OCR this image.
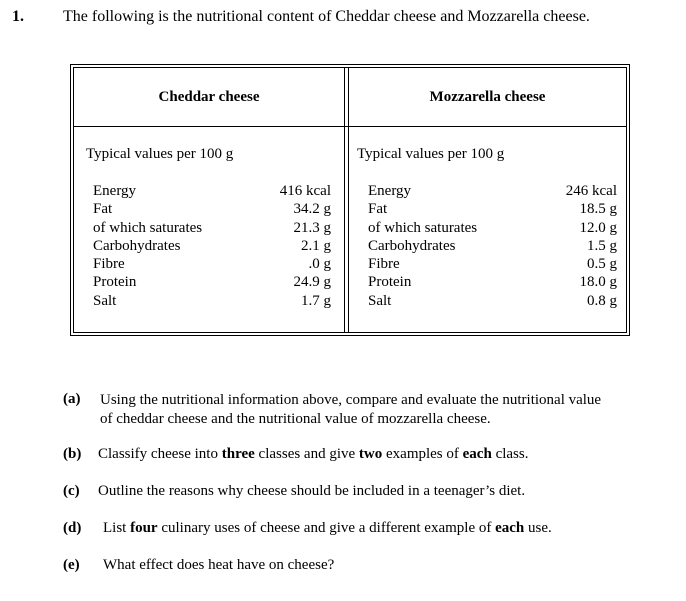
1. The following is the nutritional content of Cheddar cheese and Mozzarella cheese.
Cheddar cheese	Mozzarella cheese
Typical values per 100 g	Typical values per 100 g
Energy
Fat
of which saturates
Carbohydrates
Fibre
Protein
Salt
416 kcal
34.2 g
21.3 g
2.1 g
.0 g
24.9 g
1.7 g
Energy
Fat
of which saturates
Carbohydrates
Fibre
Protein
Salt
246 kcal
18.5 g
12.0 g
1.5 g
0.5 g
18.0 g
0.8 g
(a) Using the nutritional information above, compare and evaluate the nutritional value
of cheddar cheese and the nutritional value of mozzarella cheese.
(b) Classify cheese into three classes and give two examples of each class.
(c) Outline the reasons why cheese should be included in a teenager’s diet.
(d) List four culinary uses of cheese and give a different example of each use.
(e) What effect does heat have on cheese?
